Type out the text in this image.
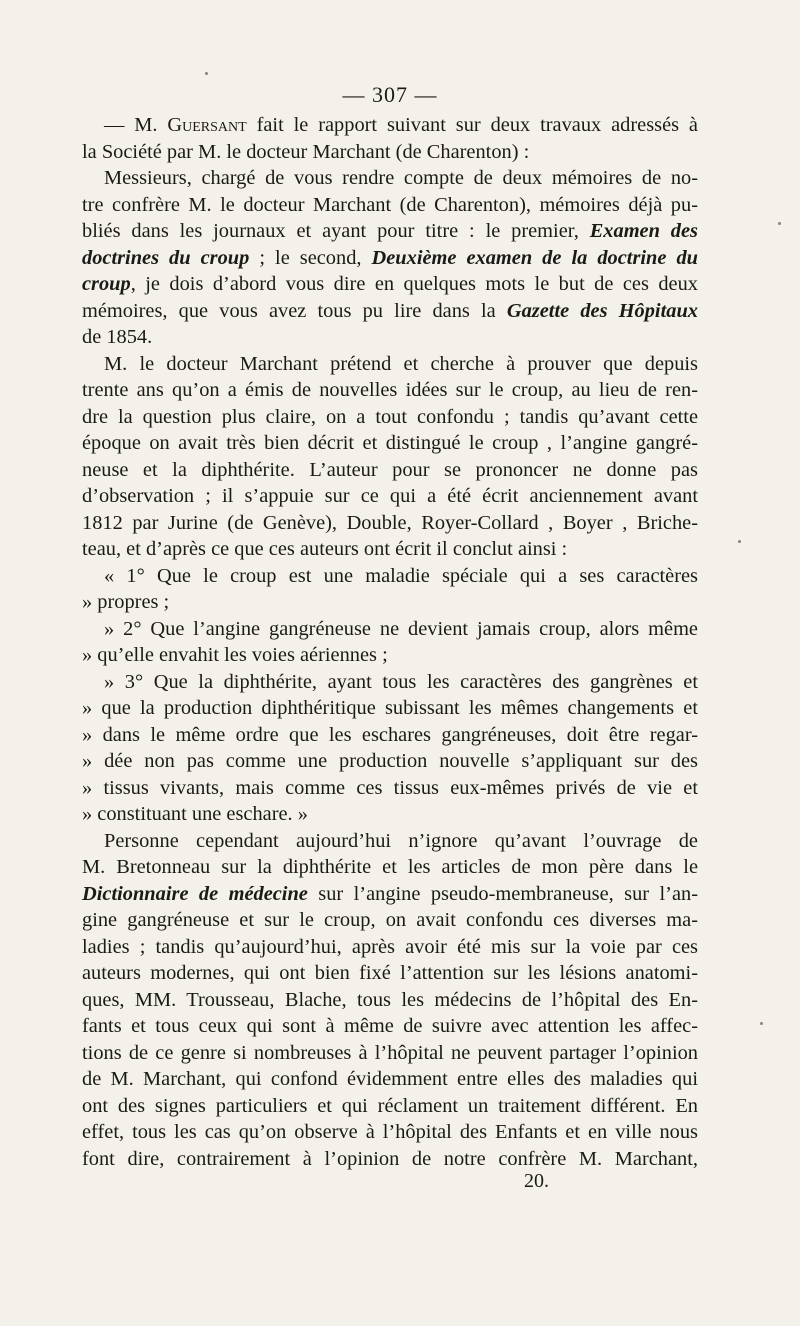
— 307 —
— M. Guersant fait le rapport suivant sur deux travaux adressés à
la Société par M. le docteur Marchant (de Charenton) :
Messieurs, chargé de vous rendre compte de deux mémoires de no-
tre confrère M. le docteur Marchant (de Charenton), mémoires déjà pu-
bliés dans les journaux et ayant pour titre : le premier, Examen des
doctrines du croup ; le second, Deuxième examen de la doctrine du
croup, je dois d’abord vous dire en quelques mots le but de ces deux
mémoires, que vous avez tous pu lire dans la Gazette des Hôpitaux
de 1854.
M. le docteur Marchant prétend et cherche à prouver que depuis
trente ans qu’on a émis de nouvelles idées sur le croup, au lieu de ren-
dre la question plus claire, on a tout confondu ; tandis qu’avant cette
époque on avait très bien décrit et distingué le croup , l’angine gangré-
neuse et la diphthérite. L’auteur pour se prononcer ne donne pas
d’observation ; il s’appuie sur ce qui a été écrit anciennement avant
1812 par Jurine (de Genève), Double, Royer-Collard , Boyer , Briche-
teau, et d’après ce que ces auteurs ont écrit il conclut ainsi :
« 1° Que le croup est une maladie spéciale qui a ses caractères
» propres ;
» 2° Que l’angine gangréneuse ne devient jamais croup, alors même
» qu’elle envahit les voies aériennes ;
» 3° Que la diphthérite, ayant tous les caractères des gangrènes et
» que la production diphthéritique subissant les mêmes changements et
» dans le même ordre que les eschares gangréneuses, doit être regar-
» dée non pas comme une production nouvelle s’appliquant sur des
» tissus vivants, mais comme ces tissus eux-mêmes privés de vie et
» constituant une eschare. »
Personne cependant aujourd’hui n’ignore qu’avant l’ouvrage de
M. Bretonneau sur la diphthérite et les articles de mon père dans le
Dictionnaire de médecine sur l’angine pseudo-membraneuse, sur l’an-
gine gangréneuse et sur le croup, on avait confondu ces diverses ma-
ladies ; tandis qu’aujourd’hui, après avoir été mis sur la voie par ces
auteurs modernes, qui ont bien fixé l’attention sur les lésions anatomi-
ques, MM. Trousseau, Blache, tous les médecins de l’hôpital des En-
fants et tous ceux qui sont à même de suivre avec attention les affec-
tions de ce genre si nombreuses à l’hôpital ne peuvent partager l’opinion
de M. Marchant, qui confond évidemment entre elles des maladies qui
ont des signes particuliers et qui réclament un traitement différent. En
effet, tous les cas qu’on observe à l’hôpital des Enfants et en ville nous
font dire, contrairement à l’opinion de notre confrère M. Marchant,
20.
